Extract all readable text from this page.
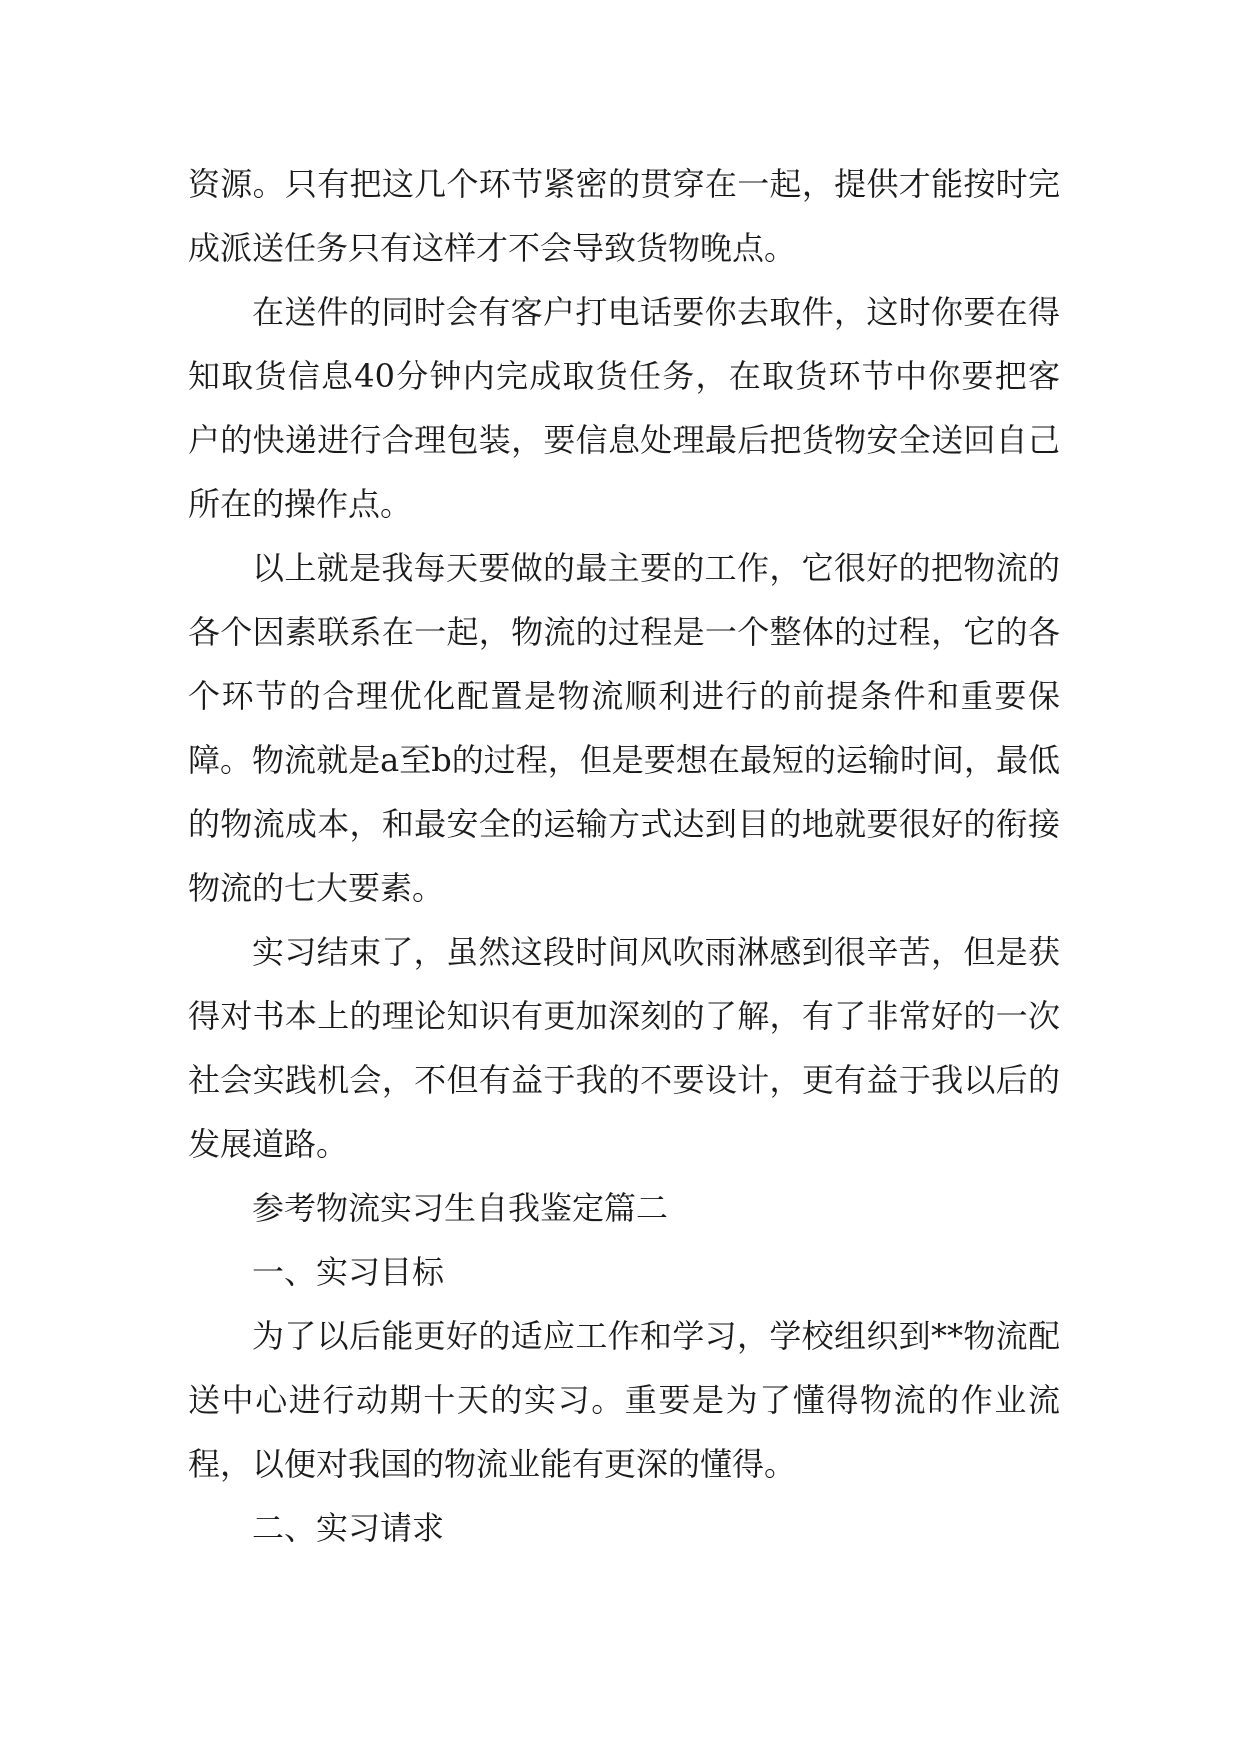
资源。只有把这几个环节紧密的贯穿在一起，提供才能按时完成派送任务只有这样才不会导致货物晚点。

在送件的同时会有客户打电话要你去取件，这时你要在得知取货信息40分钟内完成取货任务，在取货环节中你要把客户的快递进行合理包装，要信息处理最后把货物安全送回自己所在的操作点。

以上就是我每天要做的最主要的工作，它很好的把物流的各个因素联系在一起，物流的过程是一个整体的过程，它的各个环节的合理优化配置是物流顺利进行的前提条件和重要保障。物流就是a至b的过程，但是要想在最短的运输时间，最低的物流成本，和最安全的运输方式达到目的地就要很好的衔接物流的七大要素。

实习结束了，虽然这段时间风吹雨淋感到很辛苦，但是获得对书本上的理论知识有更加深刻的了解，有了非常好的一次社会实践机会，不但有益于我的不要设计，更有益于我以后的发展道路。

参考物流实习生自我鉴定篇二

一、实习目标

为了以后能更好的适应工作和学习，学校组织到**物流配送中心进行动期十天的实习。重要是为了懂得物流的作业流程，以便对我国的物流业能有更深的懂得。

二、实习请求
